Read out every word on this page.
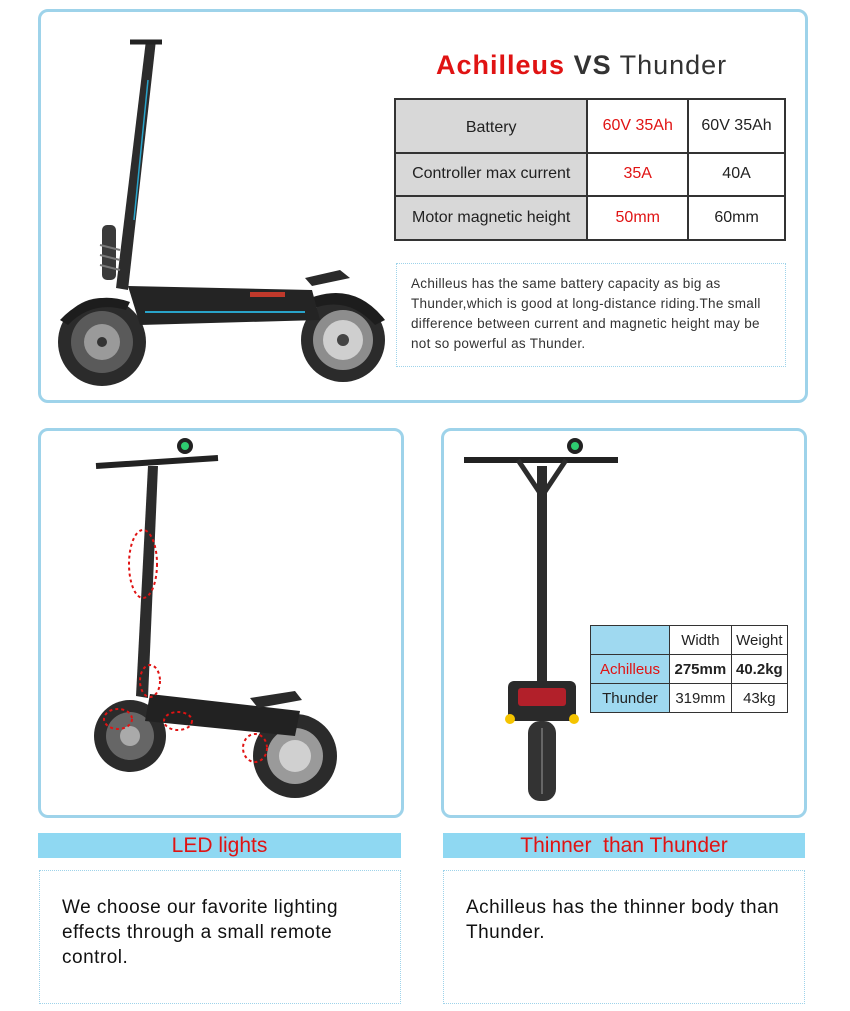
Achilleus VS Thunder
Battery	60V 35Ah	60V 35Ah
Controller max current	35A	40A
Motor magnetic height	50mm	60mm
Achilleus has the same battery capacity as big as Thunder,which is good at long-distance riding.The small difference between current and magnetic height may be not so powerful as Thunder.
	Width	Weight
Achilleus	275mm	40.2kg
Thunder	319mm	43kg
LED lights	Thinner  than Thunder
We choose our favorite lighting effects through a small remote control.
Achilleus has the thinner body than Thunder.
